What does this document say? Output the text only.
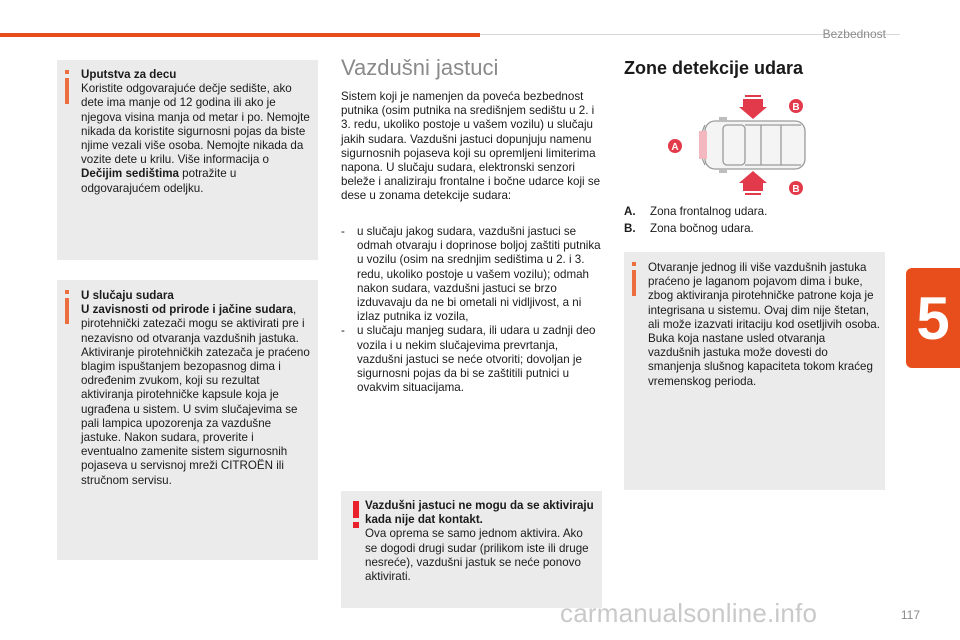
Bezbednost
5
Uputstva za decu
Koristite odgovarajuće dečje sedište, ako dete ima manje od 12 godina ili ako je njegova visina manja od metar i po. Nemojte nikada da koristite sigurnosni pojas da biste njime vezali više osoba. Nemojte nikada da vozite dete u krilu. Više informacija o Dečijim sedištima potražite u odgovarajućem odeljku.
U slučaju sudara
U zavisnosti od prirode i jačine sudara, pirotehnički zatezači mogu se aktivirati pre i nezavisno od otvaranja vazdušnih jastuka. Aktiviranje pirotehničkih zatezača je praćeno blagim ispuštanjem bezopasnog dima i određenim zvukom, koji su rezultat aktiviranja pirotehničke kapsule koja je ugrađena u sistem. U svim slučajevima se pali lampica upozorenja za vazdušne jastuke. Nakon sudara, proverite i eventualno zamenite sistem sigurnosnih pojaseva u servisnoj mreži CITROËN ili stručnom servisu.
Vazdušni jastuci
Sistem koji je namenjen da poveća bezbednost putnika (osim putnika na središnjem sedištu u 2. i 3. redu, ukoliko postoje u vašem vozilu) u slučaju jakih sudara. Vazdušni jastuci dopunjuju namenu sigurnosnih pojaseva koji su opremljeni limiterima napona. U slučaju sudara, elektronski senzori beleže i analiziraju frontalne i bočne udarce koji se dese u zonama detekcije sudara:
- u slučaju jakog sudara, vazdušni jastuci se odmah otvaraju i doprinose boljoj zaštiti putnika u vozilu (osim na srednjim sedištima u 2. i 3. redu, ukoliko postoje u vašem vozilu); odmah nakon sudara, vazdušni jastuci se brzo izduvavaju da ne bi ometali ni vidljivost, a ni izlaz putnika iz vozila,
- u slučaju manjeg sudara, ili udara u zadnji deo vozila i u nekim slučajevima prevrtanja, vazdušni jastuci se neće otvoriti; dovoljan je sigurnosni pojas da bi se zaštitili putnici u ovakvim situacijama.
Vazdušni jastuci ne mogu da se aktiviraju kada nije dat kontakt.
Ova oprema se samo jednom aktivira. Ako se dogodi drugi sudar (prilikom iste ili druge nesreće), vazdušni jastuk se neće ponovo aktivirati.
Zone detekcije udara
B
A
B
A. Zona frontalnog udara.
B. Zona bočnog udara.
Otvaranje jednog ili više vazdušnih jastuka praćeno je laganom pojavom dima i buke, zbog aktiviranja pirotehničke patrone koja je integrisana u sistemu. Ovaj dim nije štetan, ali može izazvati iritaciju kod osetljivih osoba. Buka koja nastane usled otvaranja vazdušnih jastuka može dovesti do smanjenja slušnog kapaciteta tokom kraćeg vremenskog perioda.
carmanualsonline.info	117
